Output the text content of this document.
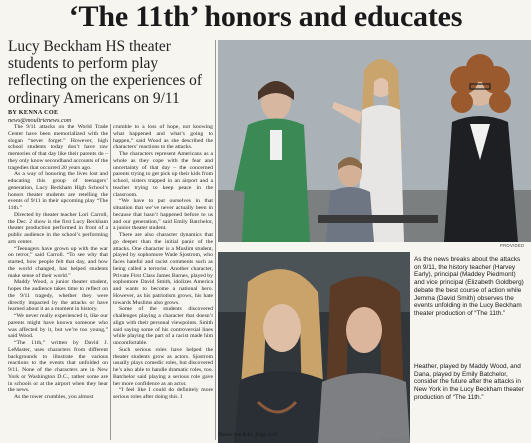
‘The 11th’ honors and educates
Lucy Beckham HS theater students to perform play reflecting on the experiences of ordinary Americans on 9/11
BY KENNA COE
news@moultrienews.com

The 9/11 attacks on the World Trade Center have been memorialized with the slogan “never forget.” However, high school students today don’t have raw memories of that day like their parents do – they only know secondhand accounts of the tragedies that occurred 20 years ago.

As a way of honoring the lives lost and educating this group of teenagers’ generation, Lucy Beckham High School’s honors theater students are retelling the events of 9/11 in their upcoming play “The 11th.”

Directed by theater teacher Lori Carroll, the Dec. 2 show is the first Lucy Beckham theater production performed in front of a public audience in the school’s performing arts center.

“Teenagers have grown up with the war on terror,” said Carroll. “To see why that started, how people felt that day, and how the world changed, has helped students make sense of their world.”

Maddy Wood, a junior theater student, hopes the audience takes time to reflect on the 9/11 tragedy, whether they were directly impacted by the attacks or have learned about it as a moment in history.

“We never really experienced it, like our parents might have known someone who was affected by it, but we’re too young,” said Wood.

“The 11th,” written by David J. LeMaster, uses characters from different backgrounds to illustrate the various reactions to the events that unfolded on 9/11. None of the characters are in New York or Washington D.C., rather some are in schools or at the airport when they hear the news.

As the tower crumbles, you almost

crumble to a loss of hope, not knowing what happened and what’s going to happen,” said Wood as she described the characters’ reactions to the attacks.

The characters represent Americans as a whole as they cope with the fear and uncertainty of that day – the concerned parents trying to get pick up their kids from school, sisters trapped in an airport and a teacher trying to keep peace in the classroom.

“We have to put ourselves in that situation that we’ve never actually been in because that hasn’t happened before to us and our generation,” said Emily Batchelor, a junior theater student.

There are also character dynamics that go deeper than the initial panic of the attacks. One character is a Muslim student, played by sophomore Wade Sjostrom, who faces hateful and racist comments such as being called a terrorist. Another character, Private First Class James Barnes, played by sophomore David Smith, idolizes America and wants to become a national hero. However, as his patriotism grows, his hate towards Muslims also grows.

Some of the students discovered challenges playing a character that doesn’t align with their personal viewpoints. Smith said saying some of his controversial lines while playing the part of a racist made him uncomfortable.

Such serious roles have helped the theater students grow as actors. Sjostrom usually plays comedic roles, but discovered he’s also able to handle dramatic roles, too. Batchelor said playing a serious role gave her more confidence as an actor.

“I feel like I could do definitely more serious roles after doing this. I

PROVIDED
As the news breaks about the attacks on 9/11, the history teacher (Harvey Early), principal (Maddey Piedmont) and vice principal (Elizabeth Goldberg) debate the best course of action while Jemma (David Smith) observes the events unfolding in the Lucy Beckham theater production of “The 11th.”
PROVIDED
Heather, played by Maddy Wood, and Dana, played by Emily Batchelor, consider the future after the attacks in New York in the Lucy Beckham theater production of “The 11th.”
Please see 9/11, Page A10
